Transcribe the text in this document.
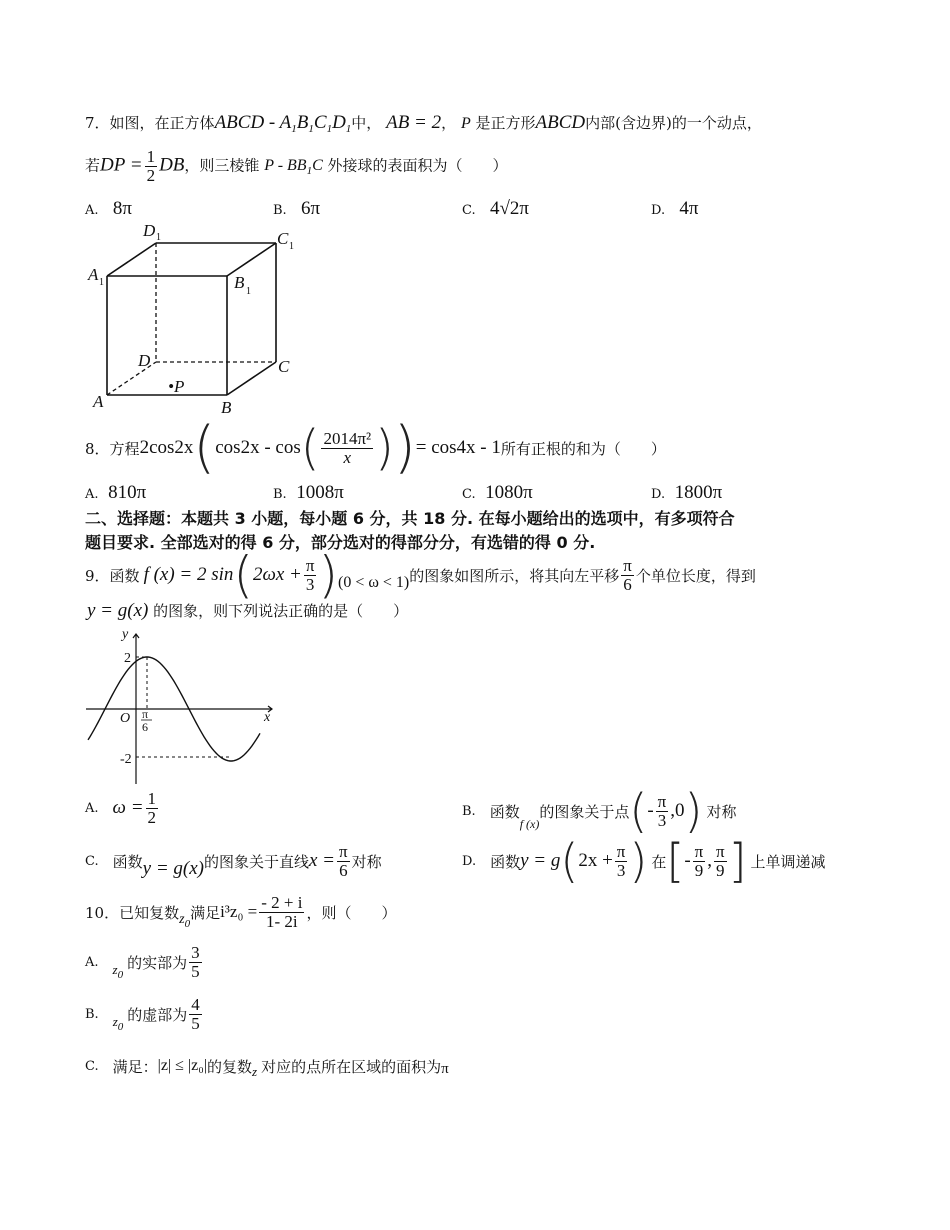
7．如图，在正方体ABCD - $A_1B_1C_1D_1$中， AB = 2， P 是正方形ABCD内部(含边界)的一个动点，
若DP = $\frac{1}{2}$ DB，则三棱锥 P - $BB_1C$ 外接球的表面积为（　　）
A. 8π	B. 6π	C. 4√2π	D. 4π
D 1	C 1
A 1	B 1
D	C
A	B
•P
8． 方程 2cos2x ( cos2x - cos ( $\frac{\text{2014π²}}{x}$ ) ) = cos4x - 1 所有正根的和为（　　）
A. 810π	B. 1008π	C. 1080π	D. 1800π
二、选择题：本题共 3 小题，每小题 6 分，共 18 分. 在每小题给出的选项中，有多项符合
题目要求. 全部选对的得 6 分，部分选对的得部分分，有选错的得 0 分.
9． 函数 f (x) = 2 sin ( $2\omega x + \frac{\pi}{3}$ ) (0 < ω < 1) 的图象如图所示，将其向左平移 $\frac{\pi}{6}$ 个单位长度，得到
y = g(x) 的图象，则下列说法正确的是（　　）
y
x
O
2
-2
π
6
A. $\omega = \frac{1}{2}$	B. 函数
f (x)
的图象关于点 ( - $\frac{\pi}{3} ,0$ ) 对称
C. 函数 y = g(x) 的图象关于直线 $x = \frac{\pi}{6}$ 对称	D. 函数 y = g ( $2x + \frac{\pi}{3}$ ) 在 [ - $\frac{\pi}{9}$ , $\frac{\pi}{9}$ ] 上单调递减
10． 已知复数 $z_0$
满足 $i^3z_0 = \frac{- 2 + i}{1- 2i}$ ，则（　　）
A. $z_0$
的实部为 $\frac{3}{5}$
B. $z_0$
的虚部为 $\frac{4}{5}$
C. 满足： |z| ≤ |z₀| 的复数 z 对应的点所在区域的面积为 π
